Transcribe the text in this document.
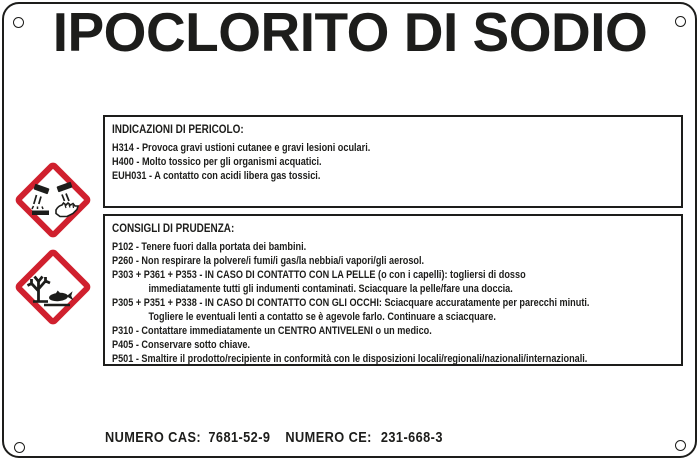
IPOCLORITO DI SODIO
INDICAZIONI DI PERICOLO:
H314 - Provoca gravi ustioni cutanee e gravi lesioni oculari.
H400 - Molto tossico per gli organismi acquatici.
EUH031 - A contatto con acidi libera gas tossici.
CONSIGLI DI PRUDENZA:
P102 - Tenere fuori dalla portata dei bambini.
P260 - Non respirare la polvere/i fumi/i gas/la nebbia/i vapori/gli aerosol.
P303 + P361 + P353 - IN CASO DI CONTATTO CON LA PELLE (o con i capelli): togliersi di dosso
immediatamente tutti gli indumenti contaminati. Sciacquare la pelle/fare una doccia.
P305 + P351 + P338 - IN CASO DI CONTATTO CON GLI OCCHI: Sciacquare accuratamente per parecchi minuti.
Togliere le eventuali lenti a contatto se è agevole farlo. Continuare a sciacquare.
P310 - Contattare immediatamente un CENTRO ANTIVELENI o un medico.
P405 - Conservare sotto chiave.
P501 - Smaltire il prodotto/recipiente in conformità con le disposizioni locali/regionali/nazionali/internazionali.
NUMERO CAS: 7681-52-9 NUMERO CE: 231-668-3
